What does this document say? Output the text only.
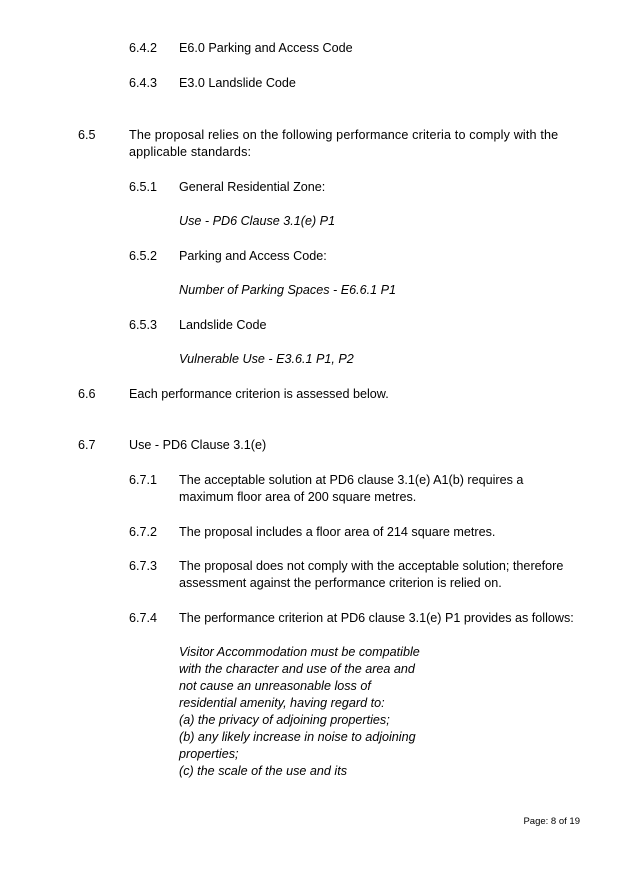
6.4.2 E6.0 Parking and Access Code
6.4.3 E3.0 Landslide Code
6.5	The proposal relies on the following performance criteria to comply with the applicable standards:
6.5.1 General Residential Zone:
Use - PD6 Clause 3.1(e) P1
6.5.2 Parking and Access Code:
Number of Parking Spaces - E6.6.1 P1
6.5.3 Landslide Code
Vulnerable Use - E3.6.1 P1, P2
6.6	Each performance criterion is assessed below.
6.7	Use - PD6 Clause 3.1(e)
6.7.1 The acceptable solution at PD6 clause 3.1(e) A1(b) requires a maximum floor area of 200 square metres.
6.7.2 The proposal includes a floor area of 214 square metres.
6.7.3 The proposal does not comply with the acceptable solution; therefore assessment against the performance criterion is relied on.
6.7.4 The performance criterion at PD6 clause 3.1(e) P1 provides as follows:
Visitor Accommodation must be compatible
with the character and use of the area and
not cause an unreasonable loss of
residential amenity, having regard to:
(a) the privacy of adjoining properties;
(b) any likely increase in noise to adjoining
properties;
(c) the scale of the use and its
Page: 8 of 19
